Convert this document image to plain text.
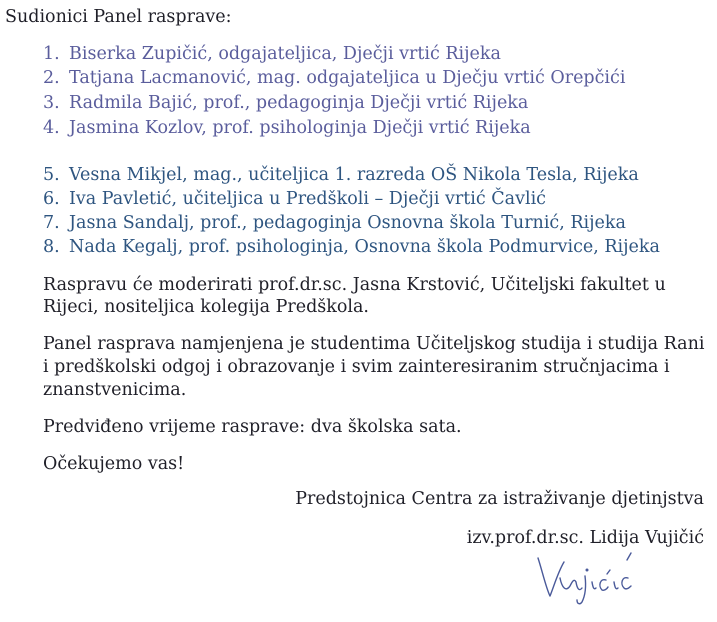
Sudionici Panel rasprave:
1. Biserka Zupičić, odgajateljica, Dječji vrtić Rijeka
2. Tatjana Lacmanović, mag. odgajateljica u Dječju vrtić Orepčići
3. Radmila Bajić, prof., pedagoginja Dječji vrtić Rijeka
4. Jasmina Kozlov, prof. psihologinja Dječji vrtić Rijeka
5. Vesna Mikjel, mag., učiteljica 1. razreda OŠ Nikola Tesla, Rijeka
6. Iva Pavletić, učiteljica u Predškoli – Dječji vrtić Čavlić
7. Jasna Sandalj, prof., pedagoginja Osnovna škola Turnić, Rijeka
8. Nada Kegalj, prof. psihologinja, Osnovna škola Podmurvice, Rijeka
Raspravu će moderirati prof.dr.sc. Jasna Krstović, Učiteljski fakultet u
Rijeci, nositeljica kolegija Predškola.
Panel rasprava namjenjena je studentima Učiteljskog studija i studija Rani
i predškolski odgoj i obrazovanje i svim zainteresiranim stručnjacima i
znanstvenicima.
Predviđeno vrijeme rasprave: dva školska sata.
Očekujemo vas!
Predstojnica Centra za istraživanje djetinjstva
izv.prof.dr.sc. Lidija Vujičić
